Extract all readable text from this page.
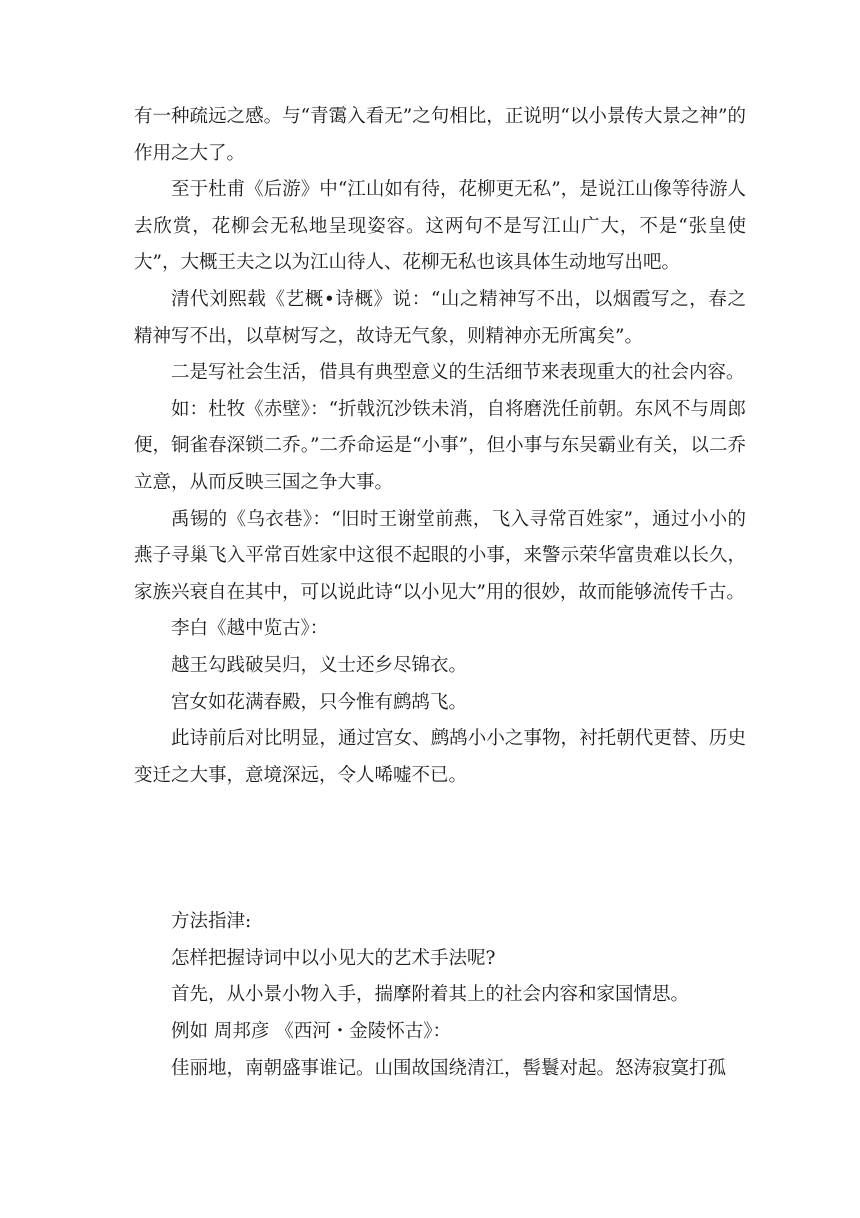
有一种疏远之感。与“青霭入看无”之句相比，正说明“以小景传大景之神”的作用之大了。

至于杜甫《后游》中“江山如有待，花柳更无私”，是说江山像等待游人去欣赏，花柳会无私地呈现姿容。这两句不是写江山广大，不是“张皇使大”，大概王夫之以为江山待人、花柳无私也该具体生动地写出吧。

清代刘熙载《艺概•诗概》说：“山之精神写不出，以烟霞写之，春之精神写不出，以草树写之，故诗无气象，则精神亦无所寓矣”。

二是写社会生活，借具有典型意义的生活细节来表现重大的社会内容。

如：杜牧《赤壁》：“折戟沉沙铁未消，自将磨洗任前朝。东风不与周郎便，铜雀春深锁二乔。”二乔命运是“小事”，但小事与东吴霸业有关，以二乔立意，从而反映三国之争大事。

禹锡的《乌衣巷》：“旧时王谢堂前燕，飞入寻常百姓家”，通过小小的燕子寻巢飞入平常百姓家中这很不起眼的小事，来警示荣华富贵难以长久，家族兴衰自在其中，可以说此诗“以小见大”用的很妙，故而能够流传千古。

李白《越中览古》：

越王勾践破吴归，义士还乡尽锦衣。

宫女如花满春殿，只今惟有鹧鸪飞。

此诗前后对比明显，通过宫女、鹧鸪小小之事物，衬托朝代更替、历史变迁之大事，意境深远，令人唏嘘不已。

方法指津:

怎样把握诗词中以小见大的艺术手法呢?

首先，从小景小物入手，揣摩附着其上的社会内容和家国情思。

例如 周邦彦 《西河・金陵怀古》：

佳丽地，南朝盛事谁记。山围故国绕清江，髻鬟对起。怒涛寂寞打孤
